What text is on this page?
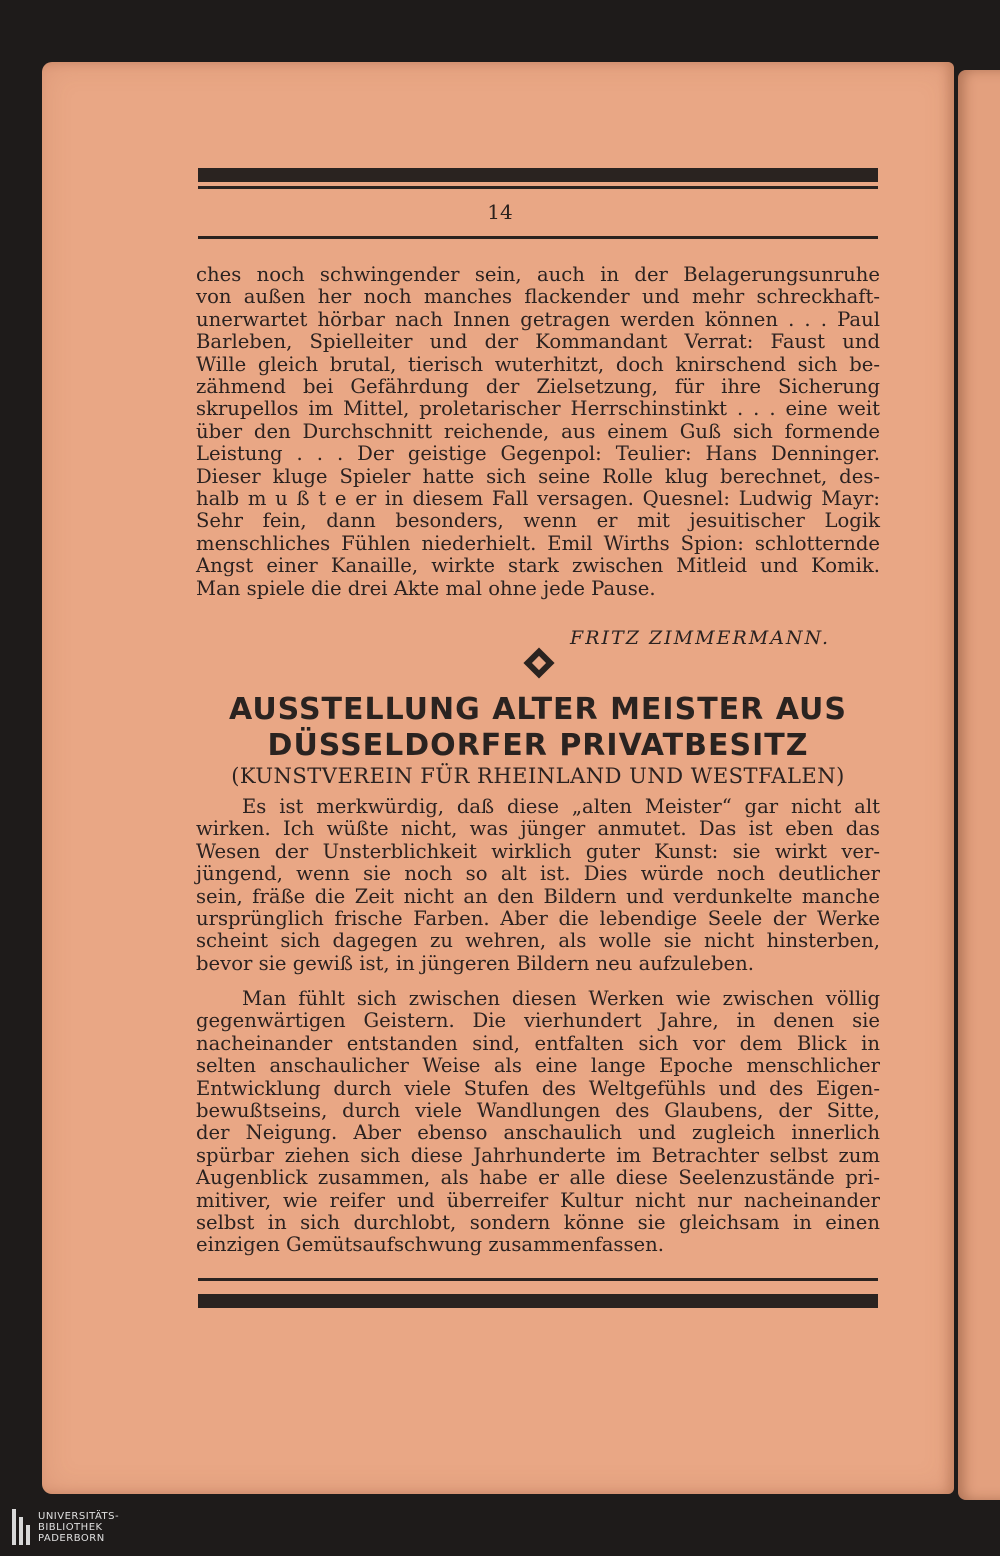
14
ches noch schwingender sein, auch in der Belagerungsunruhe
von außen her noch manches flackender und mehr schreckhaft-
unerwartet hörbar nach Innen getragen werden können . . . Paul
Barleben, Spielleiter und der Kommandant Verrat: Faust und
Wille gleich brutal, tierisch wuterhitzt, doch knirschend sich be-
zähmend bei Gefährdung der Zielsetzung, für ihre Sicherung
skrupellos im Mittel, proletarischer Herrschinstinkt . . . eine weit
über den Durchschnitt reichende, aus einem Guß sich formende
Leistung . . . Der geistige Gegenpol: Teulier: Hans Denninger.
Dieser kluge Spieler hatte sich seine Rolle klug berechnet, des-
halb m u ß t e er in diesem Fall versagen. Quesnel: Ludwig Mayr:
Sehr fein, dann besonders, wenn er mit jesuitischer Logik
menschliches Fühlen niederhielt. Emil Wirths Spion: schlotternde
Angst einer Kanaille, wirkte stark zwischen Mitleid und Komik.
Man spiele die drei Akte mal ohne jede Pause.
FRITZ ZIMMERMANN.
AUSSTELLUNG ALTER MEISTER AUS
DÜSSELDORFER PRIVATBESITZ
(KUNSTVEREIN FÜR RHEINLAND UND WESTFALEN)
Es ist merkwürdig, daß diese „alten Meister“ gar nicht alt
wirken. Ich wüßte nicht, was jünger anmutet. Das ist eben das
Wesen der Unsterblichkeit wirklich guter Kunst: sie wirkt ver-
jüngend, wenn sie noch so alt ist. Dies würde noch deutlicher
sein, fräße die Zeit nicht an den Bildern und verdunkelte manche
ursprünglich frische Farben. Aber die lebendige Seele der Werke
scheint sich dagegen zu wehren, als wolle sie nicht hinsterben,
bevor sie gewiß ist, in jüngeren Bildern neu aufzuleben.
Man fühlt sich zwischen diesen Werken wie zwischen völlig
gegenwärtigen Geistern. Die vierhundert Jahre, in denen sie
nacheinander entstanden sind, entfalten sich vor dem Blick in
selten anschaulicher Weise als eine lange Epoche menschlicher
Entwicklung durch viele Stufen des Weltgefühls und des Eigen-
bewußtseins, durch viele Wandlungen des Glaubens, der Sitte,
der Neigung. Aber ebenso anschaulich und zugleich innerlich
spürbar ziehen sich diese Jahrhunderte im Betrachter selbst zum
Augenblick zusammen, als habe er alle diese Seelenzustände pri-
mitiver, wie reifer und überreifer Kultur nicht nur nacheinander
selbst in sich durchlobt, sondern könne sie gleichsam in einen
einzigen Gemütsaufschwung zusammenfassen.
UNIVERSITÄTS-
BIBLIOTHEK
PADERBORN
